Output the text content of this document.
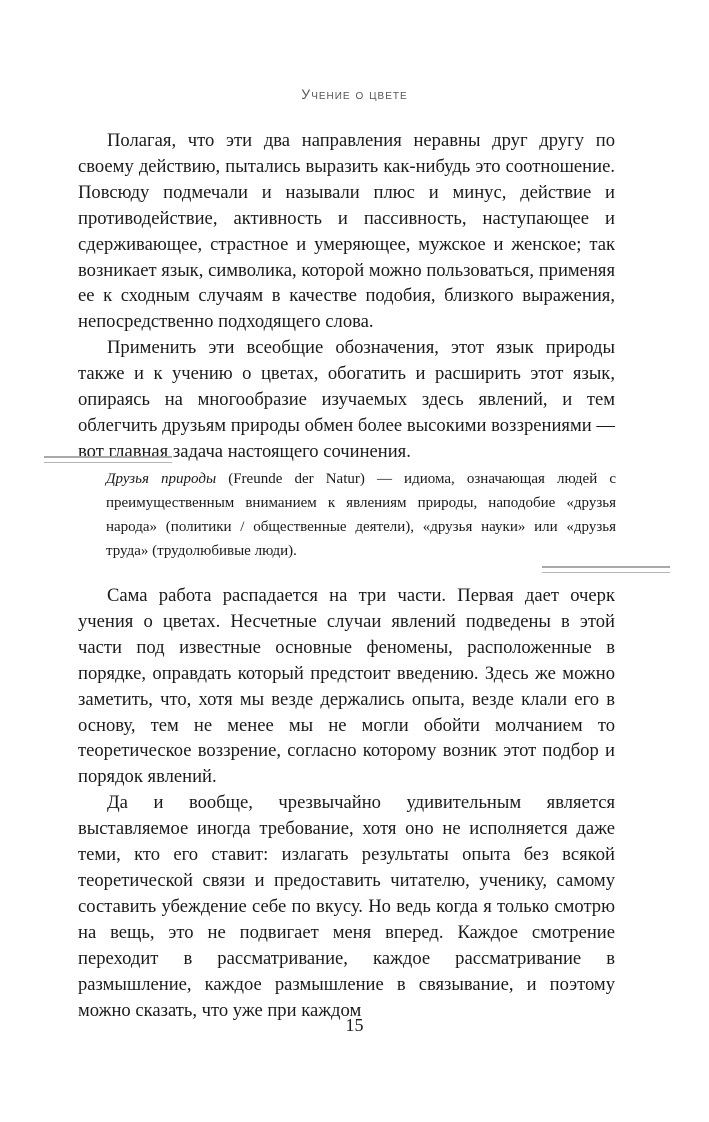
Учение о цвете

Полагая, что эти два направления неравны друг другу по своему действию, пытались выразить как-нибудь это соотношение. Повсюду подмечали и называли плюс и минус, действие и противодействие, активность и пассивность, наступающее и сдерживающее, страстное и умеряющее, мужское и женское; так возникает язык, символика, которой можно пользоваться, применяя ее к сходным случаям в качестве подобия, близкого выражения, непосредственно подходящего слова.

Применить эти всеобщие обозначения, этот язык природы также и к учению о цветах, обогатить и расширить этот язык, опираясь на многообразие изучаемых здесь явлений, и тем облегчить друзьям природы обмен более высокими воззрениями — вот главная задача настоящего сочинения.

Друзья природы (Freunde der Natur) — идиома, означающая людей с преимущественным вниманием к явлениям природы, наподобие «друзья народа» (политики / общественные деятели), «друзья науки» или «друзья труда» (трудолюбивые люди).

Сама работа распадается на три части. Первая дает очерк учения о цветах. Несчетные случаи явлений подведены в этой части под известные основные феномены, расположенные в порядке, оправдать который предстоит введению. Здесь же можно заметить, что, хотя мы везде держались опыта, везде клали его в основу, тем не менее мы не могли обойти молчанием то теоретическое воззрение, согласно которому возник этот подбор и порядок явлений.

Да и вообще, чрезвычайно удивительным является выставляемое иногда требование, хотя оно не исполняется даже теми, кто его ставит: излагать результаты опыта без всякой теоретической связи и предоставить читателю, ученику, самому составить убеждение себе по вкусу. Но ведь когда я только смотрю на вещь, это не подвигает меня вперед. Каждое смотрение переходит в рассматривание, каждое рассматривание в размышление, каждое размышление в связывание, и поэтому можно сказать, что уже при каждом

15
